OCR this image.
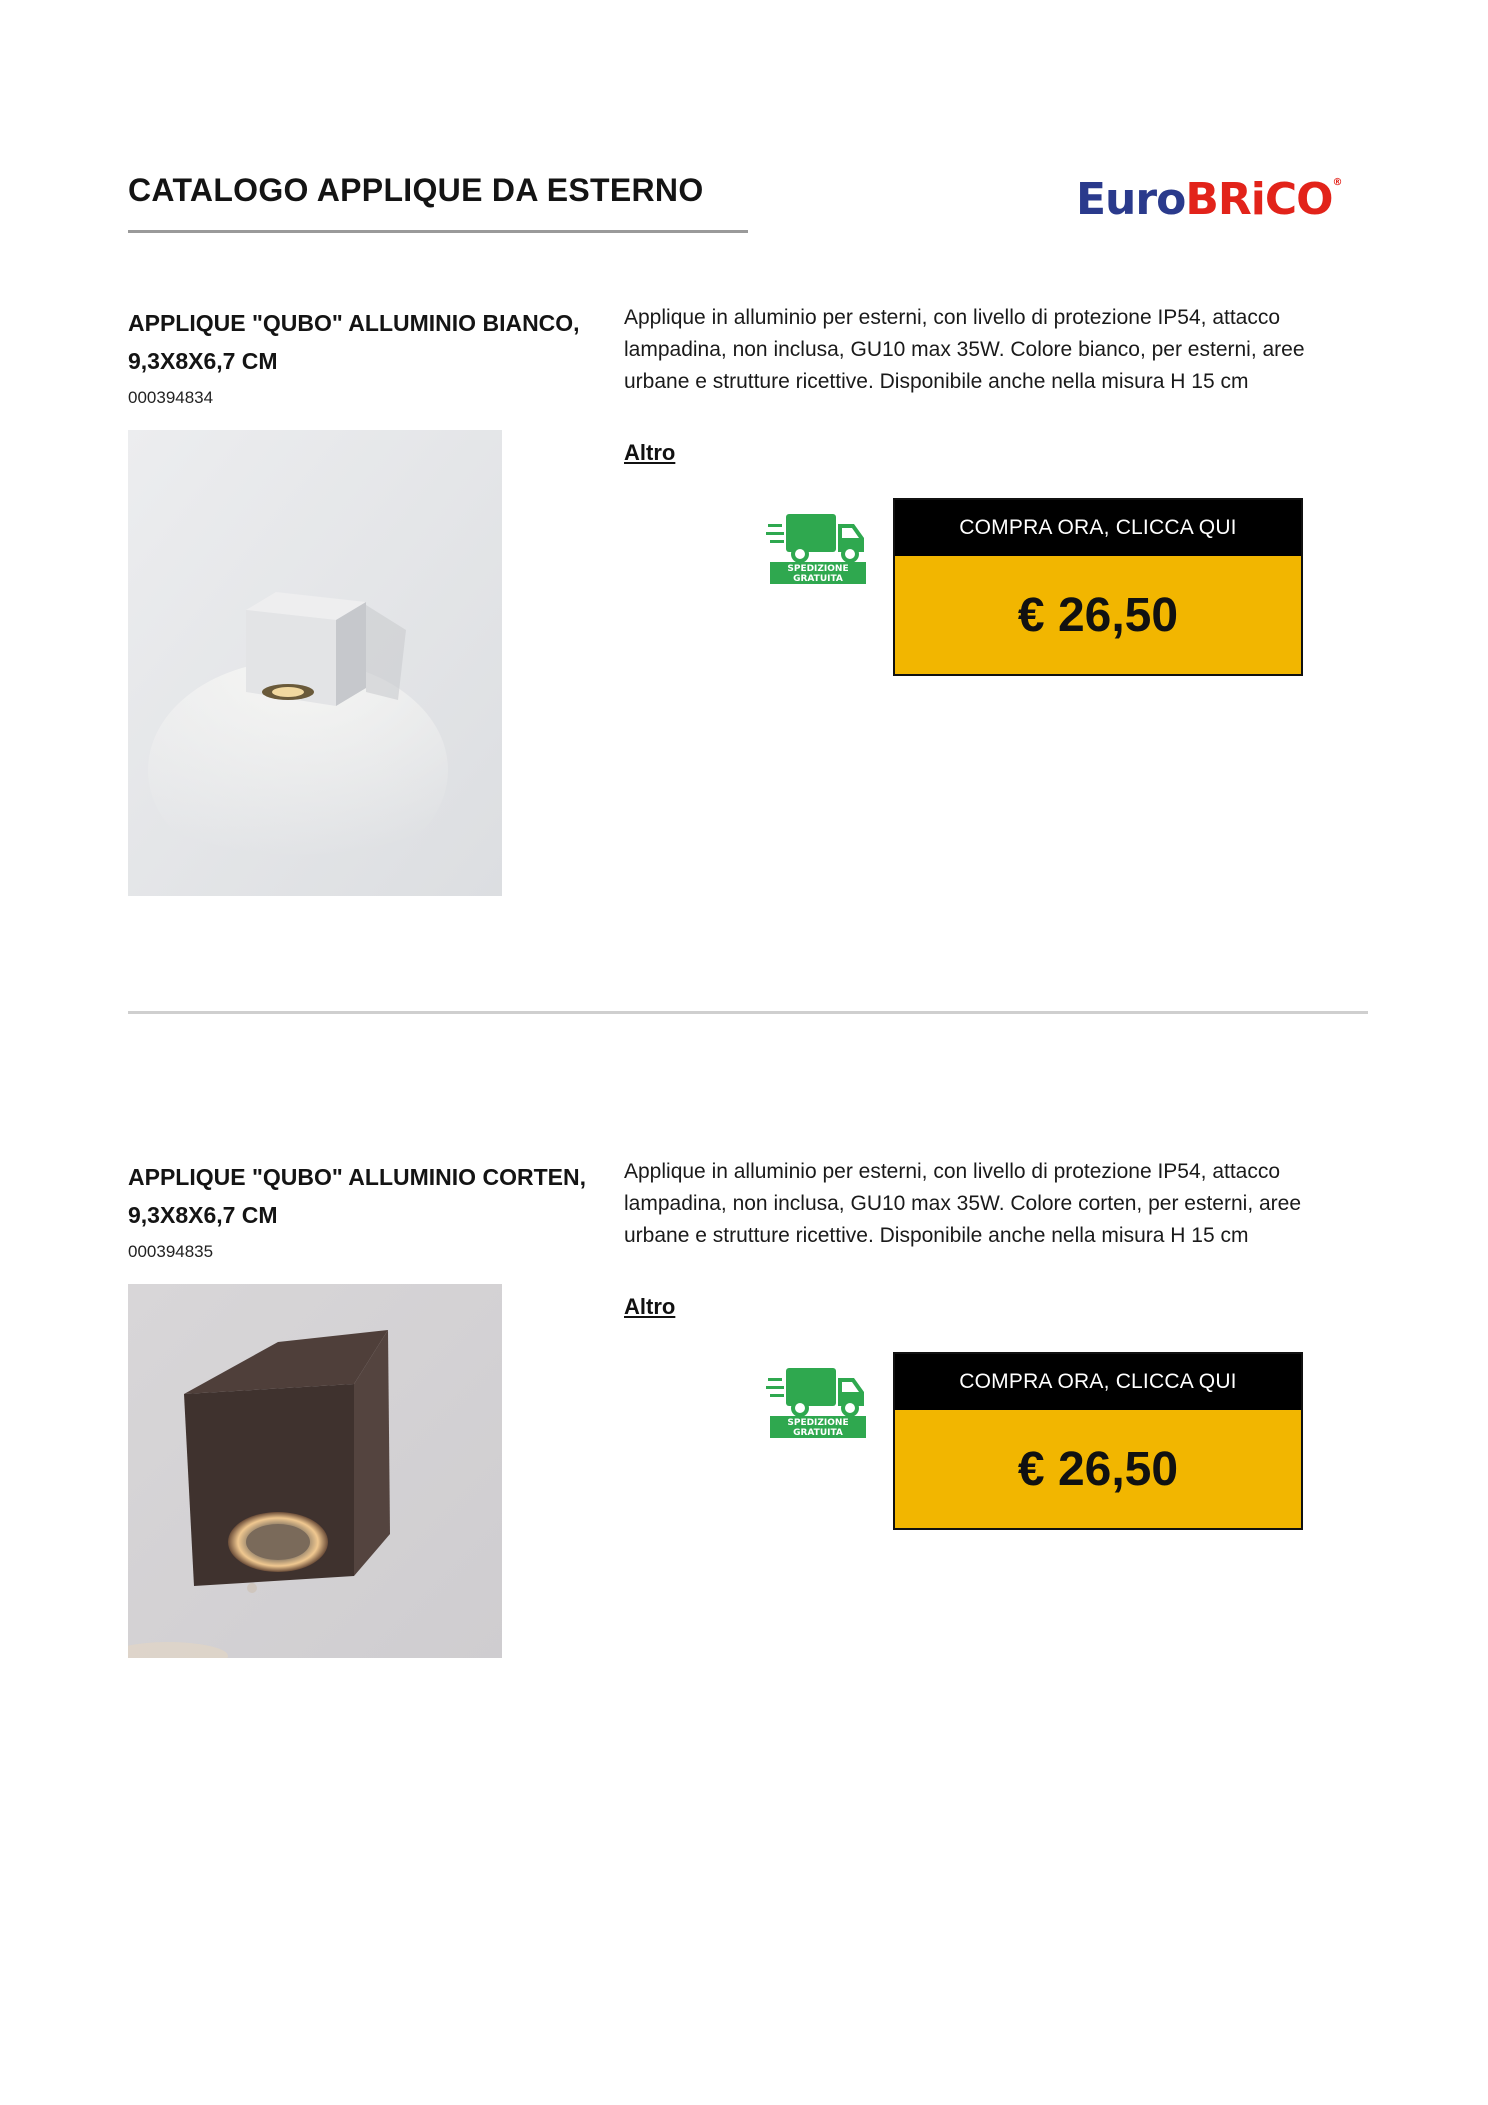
CATALOGO APPLIQUE DA ESTERNO	EuroBRiCO®
APPLIQUE "QUBO" ALLUMINIO BIANCO, 9,3X8X6,7 CM
000394834
Applique in alluminio per esterni, con livello di protezione IP54, attacco lampadina, non inclusa, GU10 max 35W. Colore bianco, per esterni, aree urbane e strutture ricettive. Disponibile anche nella misura H 15 cm
Altro
SPEDIZIONE
GRATUITA
COMPRA ORA, CLICCA QUI
€ 26,50
APPLIQUE "QUBO" ALLUMINIO CORTEN, 9,3X8X6,7 CM
000394835
Applique in alluminio per esterni, con livello di protezione IP54, attacco lampadina, non inclusa, GU10 max 35W. Colore corten, per esterni, aree urbane e strutture ricettive. Disponibile anche nella misura H 15 cm
Altro
SPEDIZIONE
GRATUITA
COMPRA ORA, CLICCA QUI
€ 26,50
